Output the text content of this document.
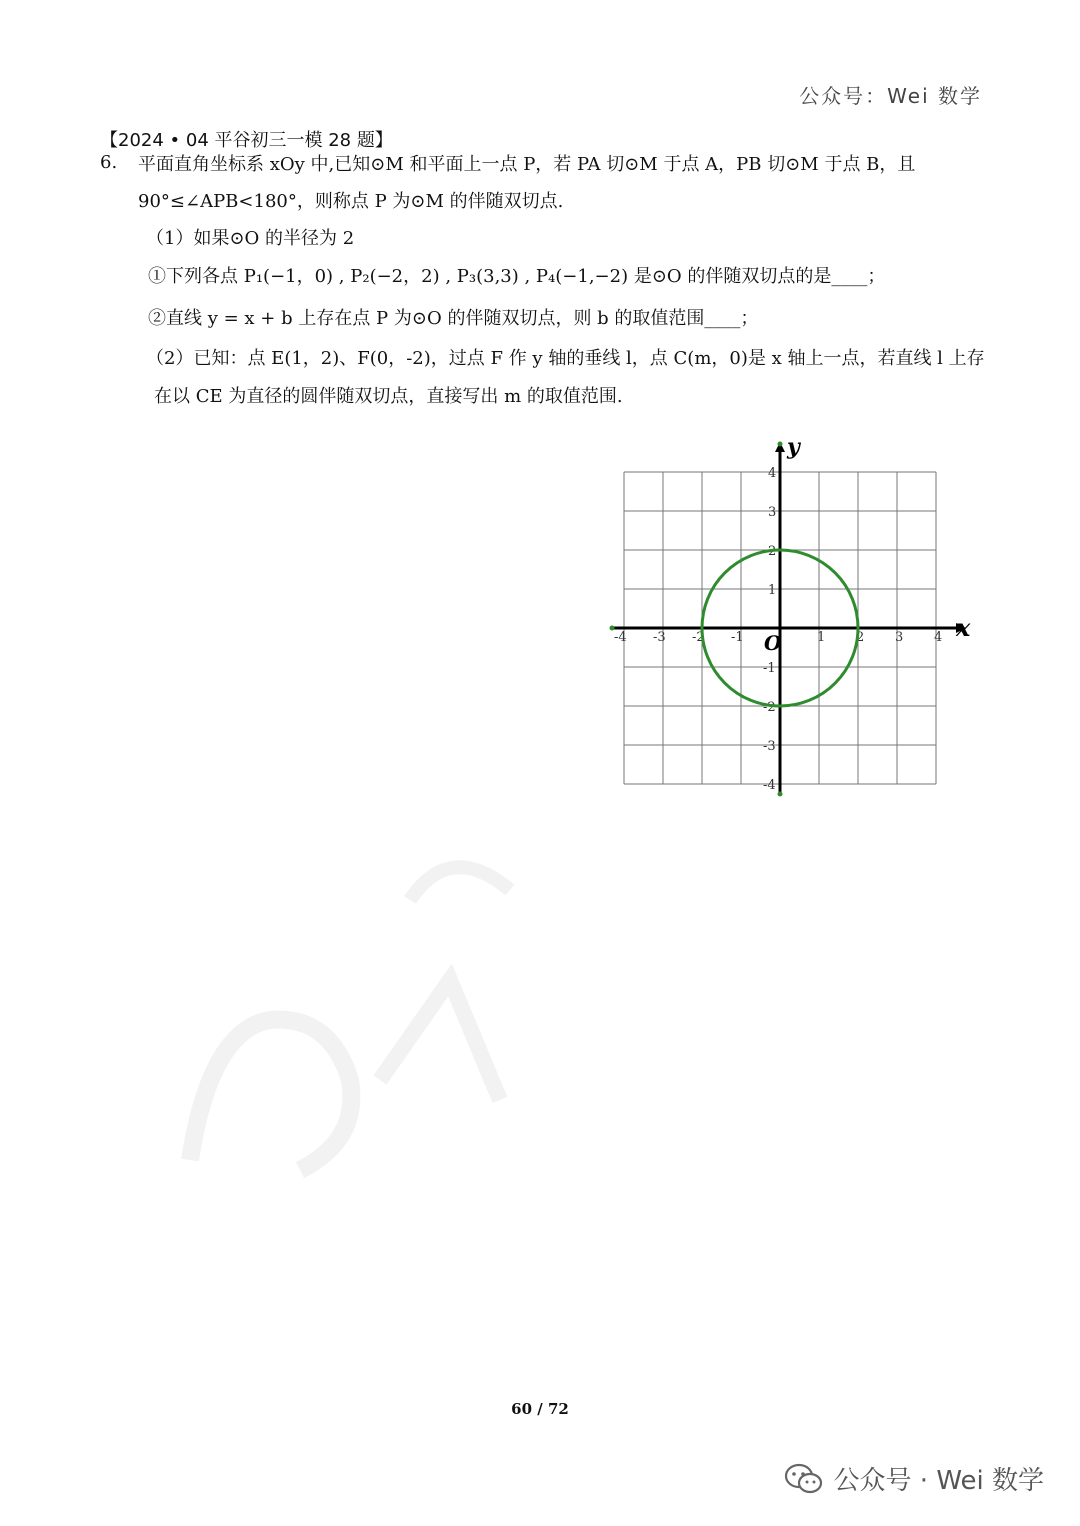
公众号：Wei 数学
【2024 • 04 平谷初三一模 28 题】
6. 平面直角坐标系 xOy 中,已知⊙M 和平面上一点 P，若 PA 切⊙M 于点 A，PB 切⊙M 于点 B，且
90°≤∠APB<180°，则称点 P 为⊙M 的伴随双切点.
（1）如果⊙O 的半径为 2
①下列各点 P₁(−1，0) , P₂(−2，2) , P₃(3,3) , P₄(−1,−2) 是⊙O 的伴随双切点的是____；
②直线 y = x + b 上存在点 P 为⊙O 的伴随双切点，则 b 的取值范围____；
（2）已知：点 E(1，2)、F(0，-2)，过点 F 作 y 轴的垂线 l，点 C(m，0)是 x 轴上一点，若直线 l 上存
在以 CE 为直径的圆伴随双切点，直接写出 m 的取值范围.
-4 -3 -2 -1	1 2 3 4
4
3
2
1
-1
-2
-3
-4
x
y
O
60 / 72
公众号 · Wei 数学
